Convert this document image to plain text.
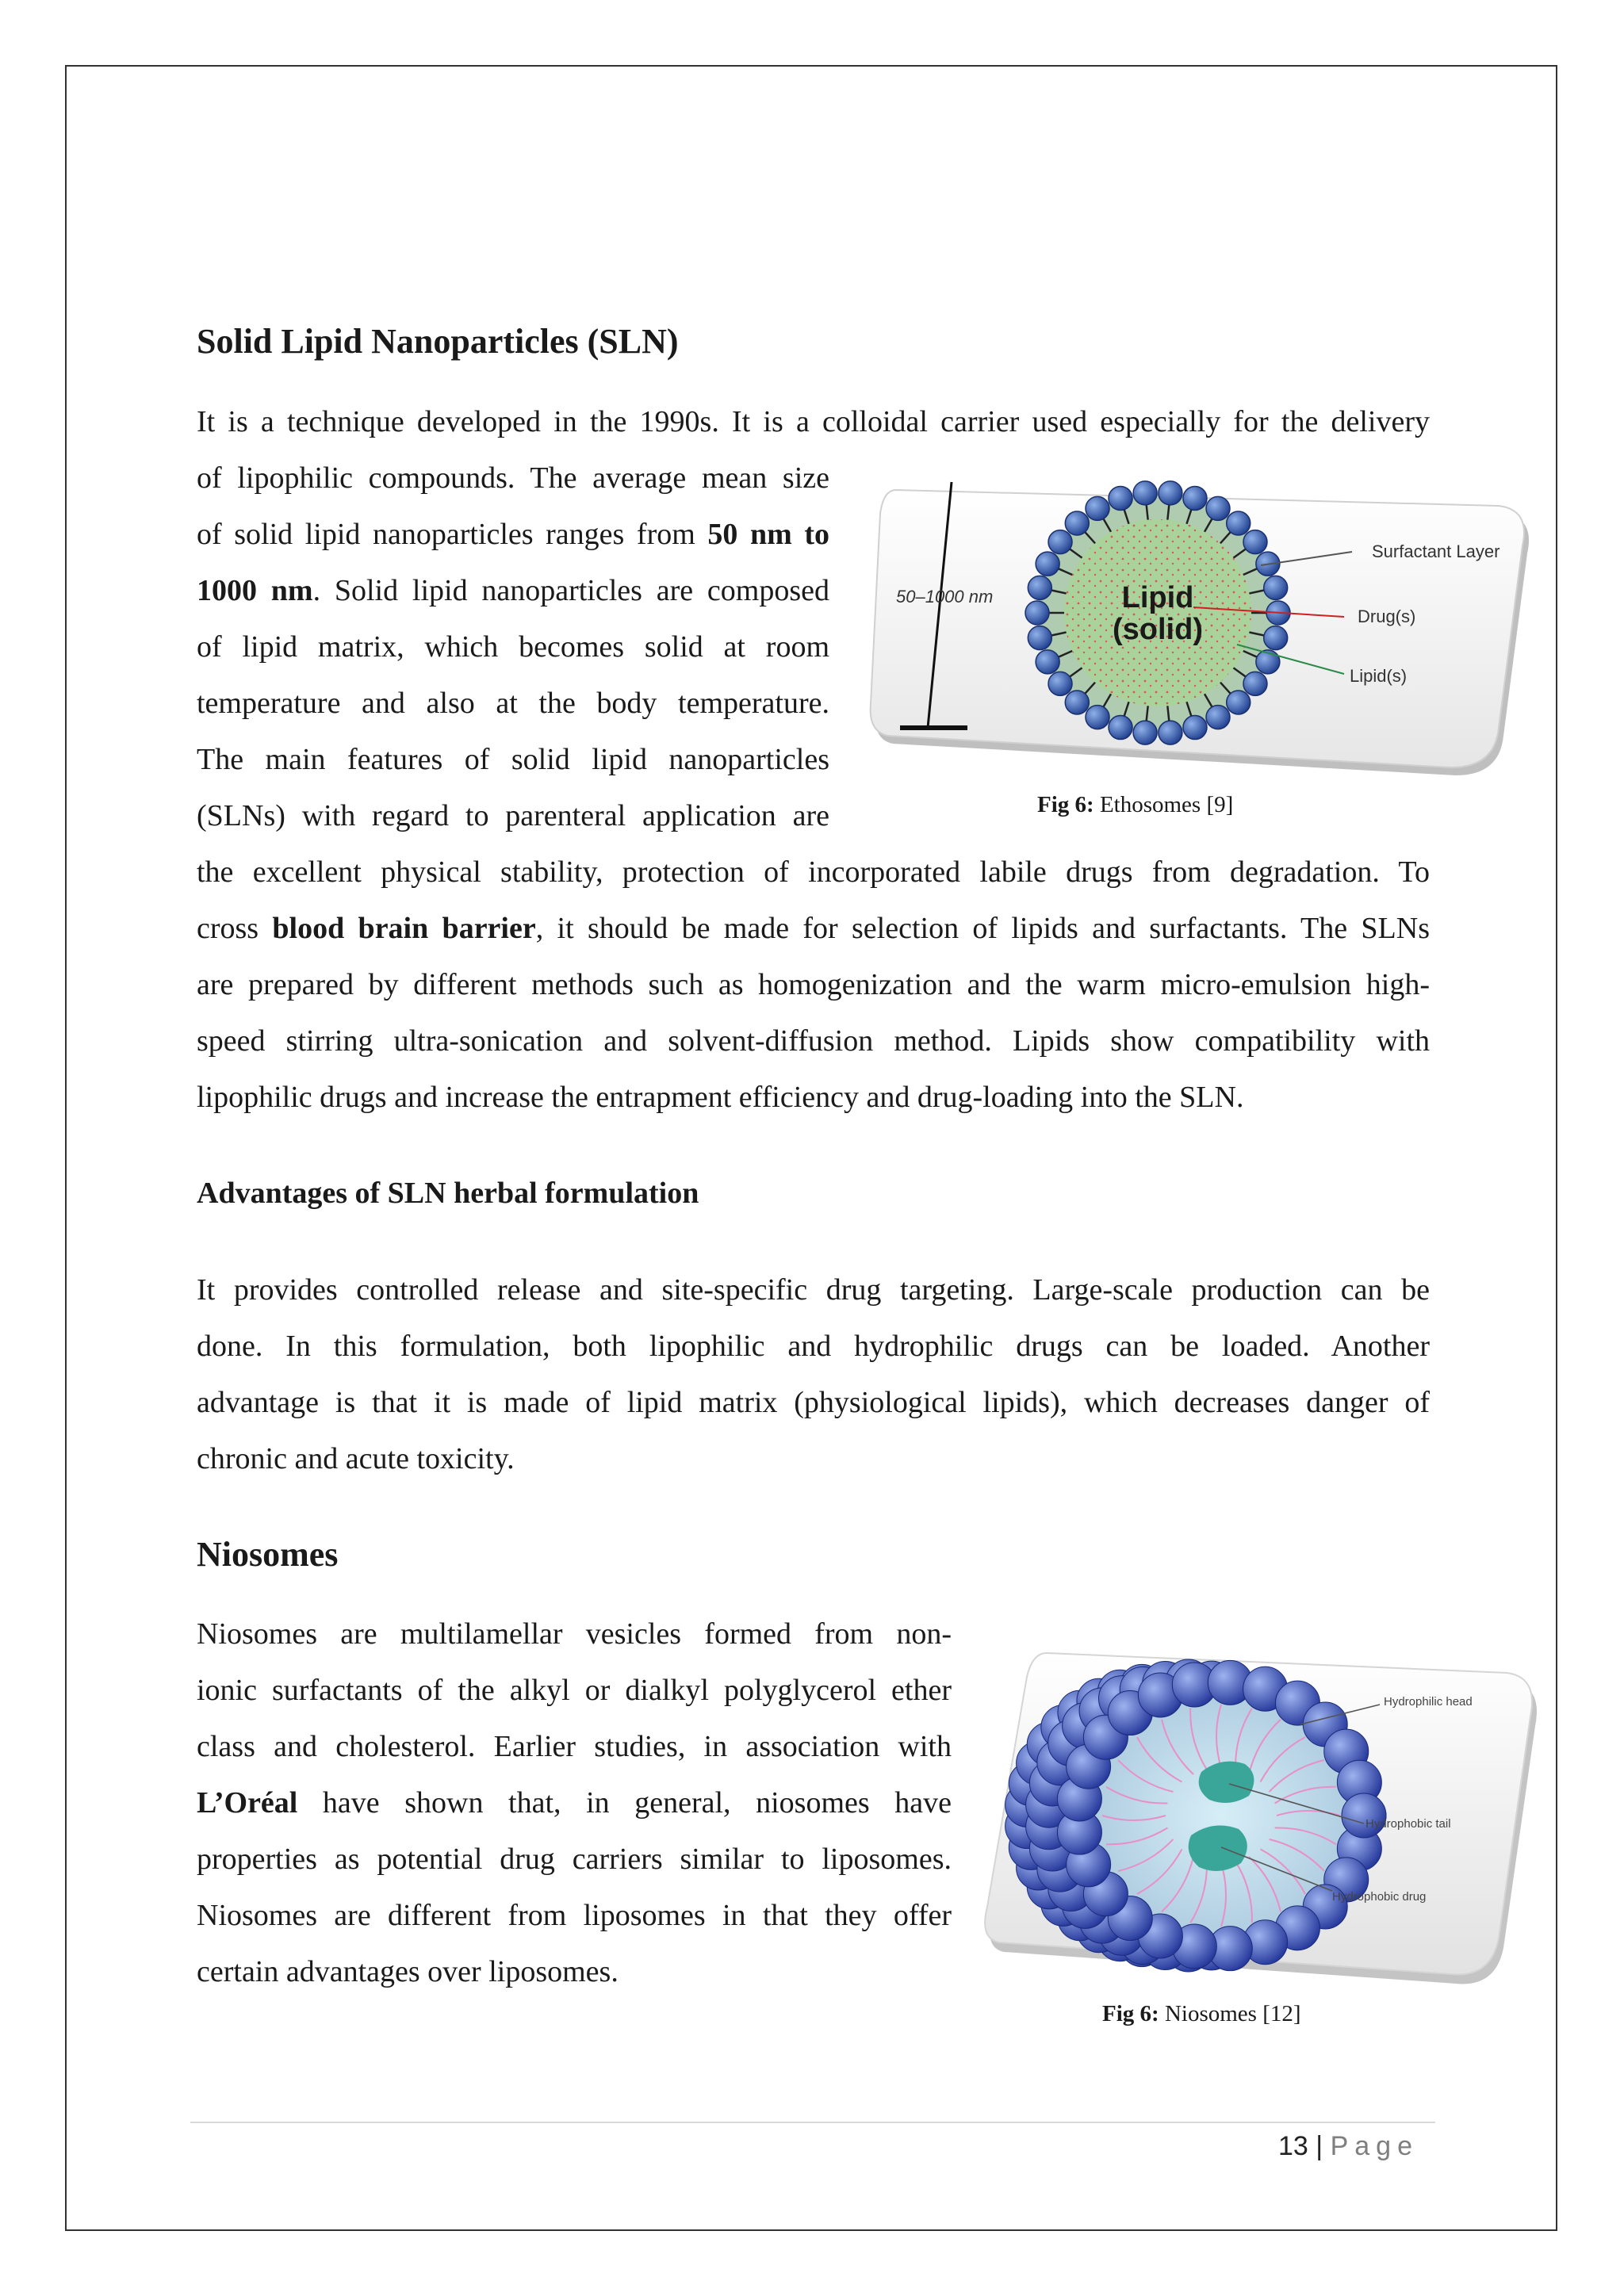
Solid Lipid Nanoparticles (SLN)

It is a technique developed in the 1990s. It is a colloidal carrier used especially for the delivery

of lipophilic compounds. The average mean size
of solid lipid nanoparticles ranges from 50 nm to
1000 nm. Solid lipid nanoparticles are composed
of lipid matrix, which becomes solid at room
temperature and also at the body temperature.
The main features of solid lipid nanoparticles
(SLNs) with regard to parenteral application are

50–1000 nm	Lipid
(solid)
Surfactant Layer
Drug(s)
Lipid(s)
Fig 6: Ethosomes [9]

the excellent physical stability, protection of incorporated labile drugs from degradation. To
cross blood brain barrier, it should be made for selection of lipids and surfactants. The SLNs
are prepared by different methods such as homogenization and the warm micro-emulsion high-
speed stirring ultra-sonication and solvent-diffusion method. Lipids show compatibility with
lipophilic drugs and increase the entrapment efficiency and drug-loading into the SLN.

Advantages of SLN herbal formulation

It provides controlled release and site-specific drug targeting. Large-scale production can be
done. In this formulation, both lipophilic and hydrophilic drugs can be loaded. Another
advantage is that it is made of lipid matrix (physiological lipids), which decreases danger of
chronic and acute toxicity.

Niosomes

Niosomes are multilamellar vesicles formed from non-
ionic surfactants of the alkyl or dialkyl polyglycerol ether
class and cholesterol. Earlier studies, in association with
L’Oréal have shown that, in general, niosomes have
properties as potential drug carriers similar to liposomes.
Niosomes are different from liposomes in that they offer
certain advantages over liposomes.

Hydrophilic head
Hydrophobic tail
Hydrophobic drug
Fig 6: Niosomes [12]
13 | Page
